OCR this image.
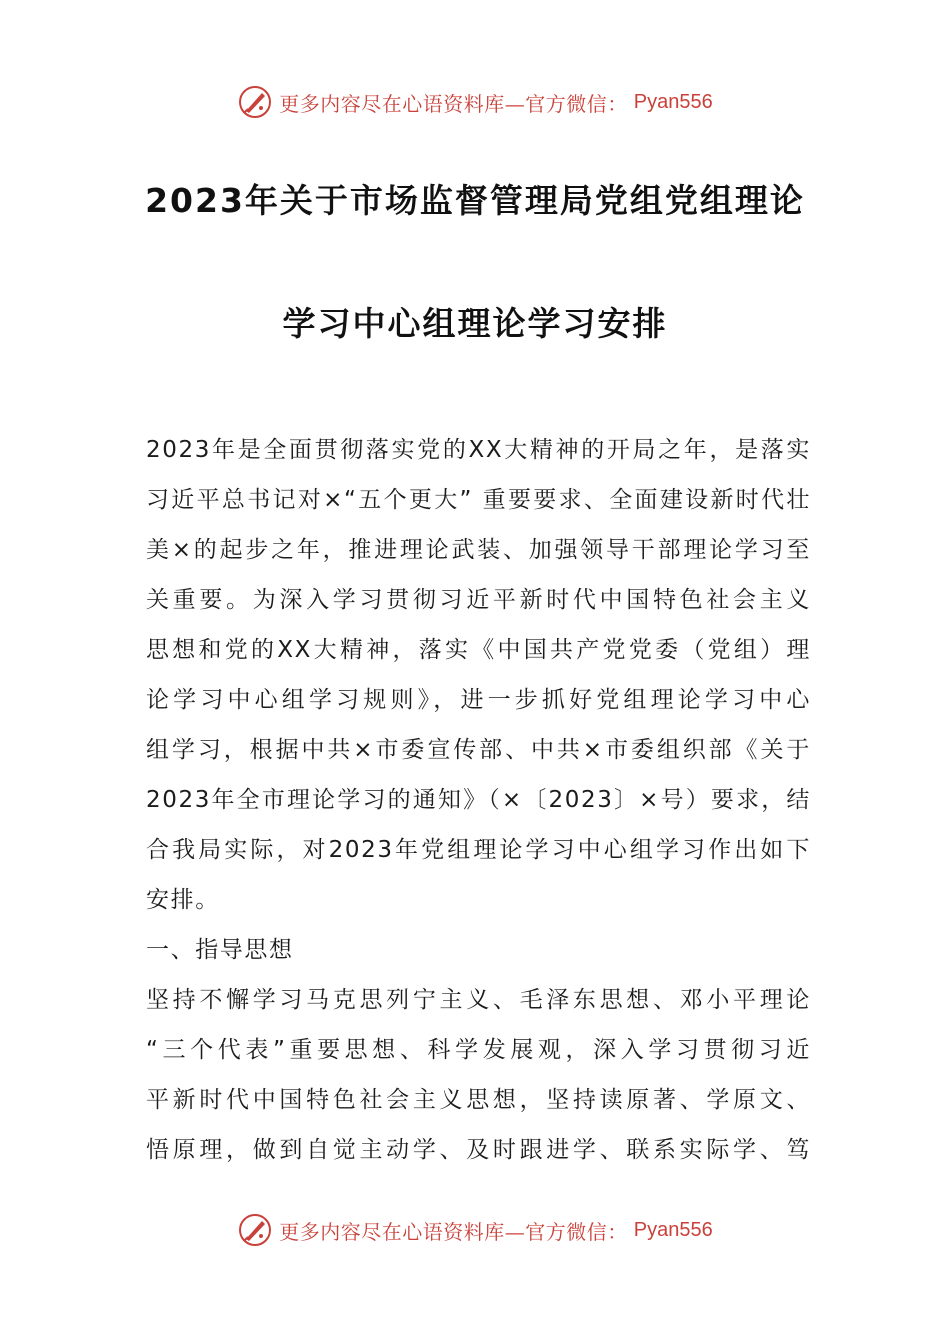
更多内容尽在心语资料库—官方微信： Pyan556
2023年关于市场监督管理局党组党组理论
学习中心组理论学习安排
2023年是全面贯彻落实党的XX大精神的开局之年，是落实
习近平总书记对×“五个更大” 重要要求、全面建设新时代壮
美×的起步之年，推进理论武装、加强领导干部理论学习至
关重要。为深入学习贯彻习近平新时代中国特色社会主义
思想和党的XX大精神，落实《中国共产党党委（党组）理
论学习中心组学习规则》，进一步抓好党组理论学习中心
组学习，根据中共×市委宣传部、中共×市委组织部《关于
2023年全市理论学习的通知》（×〔2023〕×号）要求，结
合我局实际，对2023年党组理论学习中心组学习作出如下
安排。
一、指导思想
坚持不懈学习马克思列宁主义、毛泽东思想、邓小平理论
“三个代表”重要思想、科学发展观，深入学习贯彻习近
平新时代中国特色社会主义思想，坚持读原著、学原文、
悟原理，做到自觉主动学、及时跟进学、联系实际学、笃
更多内容尽在心语资料库—官方微信： Pyan556
